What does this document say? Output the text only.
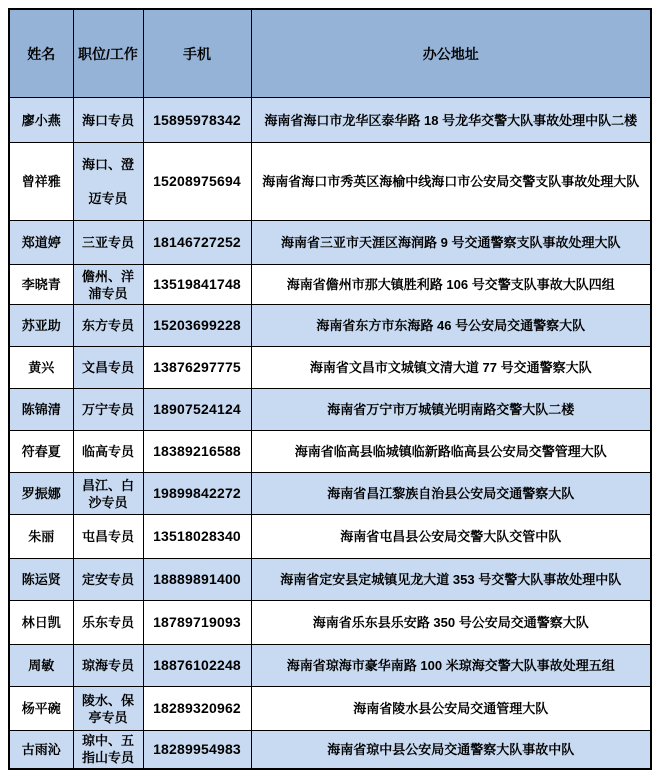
姓名	职位/工作	手机	办公地址
廖小燕	海口专员	15895978342	海南省海口市龙华区泰华路 18 号龙华交警大队事故处理中队二楼
曾祥雅	海口、澄迈专员	15208975694	海南省海口市秀英区海榆中线海口市公安局交警支队事故处理大队
郑道婷	三亚专员	18146727252	海南省三亚市天涯区海润路 9 号交通警察支队事故处理大队
李晓青	儋州、洋浦专员	13519841748	海南省儋州市那大镇胜利路 106 号交警支队事故大队四组
苏亚助	东方专员	15203699228	海南省东方市东海路 46 号公安局交通警察大队
黄兴	文昌专员	13876297775	海南省文昌市文城镇文清大道 77 号交通警察大队
陈锦清	万宁专员	18907524124	海南省万宁市万城镇光明南路交警大队二楼
符春夏	临高专员	18389216588	海南省临高县临城镇临新路临高县公安局交警管理大队
罗振娜	昌江、白沙专员	19899842272	海南省昌江黎族自治县公安局交通警察大队
朱丽	屯昌专员	13518028340	海南省屯昌县公安局交警大队交管中队
陈运贤	定安专员	18889891400	海南省定安县定城镇见龙大道 353 号交警大队事故处理中队
林日凯	乐东专员	18789719093	海南省乐东县乐安路 350 号公安局交通警察大队
周敏	琼海专员	18876102248	海南省琼海市豪华南路 100 米琼海交警大队事故处理五组
杨平碗	陵水、保亭专员	18289320962	海南省陵水县公安局交通管理大队
古雨沁	琼中、五指山专员	18289954983	海南省琼中县公安局交通警察大队事故中队
